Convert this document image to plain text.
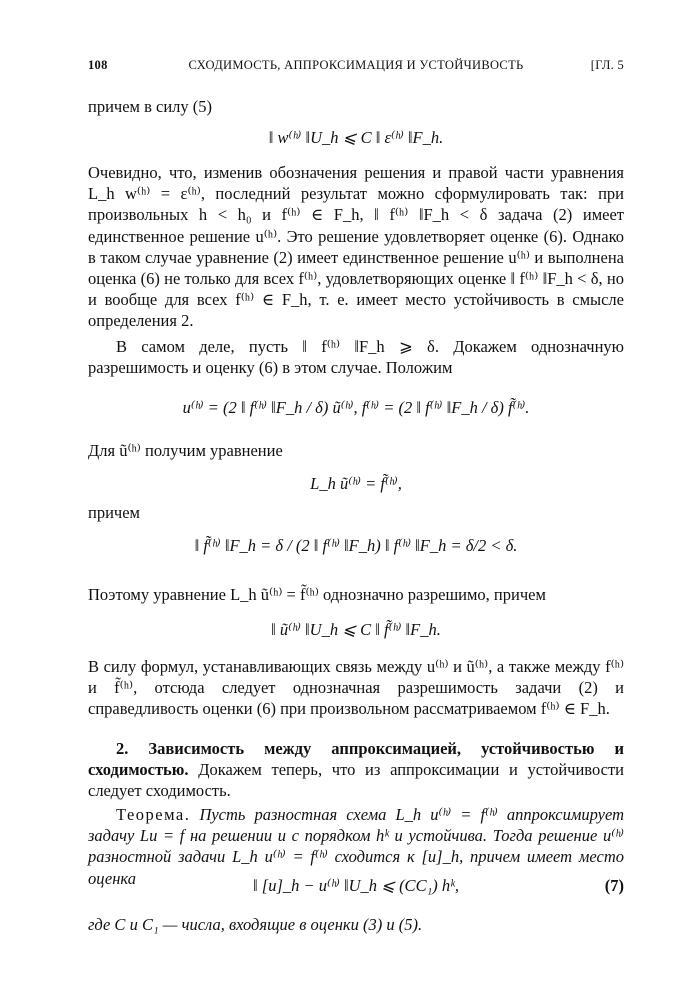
108	СХОДИМОСТЬ, АППРОКСИМАЦИЯ И УСТОЙЧИВОСТЬ	[ГЛ. 5

причем в силу (5)

‖ w⁽ʰ⁾ ‖U_h ⩽ C ‖ ε⁽ʰ⁾ ‖F_h.

Очевидно, что, изменив обозначения решения и правой части уравнения L_h w⁽ʰ⁾ = ε⁽ʰ⁾, последний результат можно сформулировать так: при произвольных h < h₀ и f⁽ʰ⁾ ∈ F_h, ‖ f⁽ʰ⁾ ‖F_h < δ задача (2) имеет единственное решение u⁽ʰ⁾. Это решение удовлетворяет оценке (6). Однако в таком случае уравнение (2) имеет единственное решение u⁽ʰ⁾ и выполнена оценка (6) не только для всех f⁽ʰ⁾, удовлетворяющих оценке ‖ f⁽ʰ⁾ ‖F_h < δ, но и вообще для всех f⁽ʰ⁾ ∈ F_h, т. е. имеет место устойчивость в смысле определения 2.

В самом деле, пусть ‖ f⁽ʰ⁾ ‖F_h ⩾ δ. Докажем однозначную разрешимость и оценку (6) в этом случае. Положим

u⁽ʰ⁾ = (2 ‖ f⁽ʰ⁾ ‖F_h / δ) ũ⁽ʰ⁾, f⁽ʰ⁾ = (2 ‖ f⁽ʰ⁾ ‖F_h / δ) f̃⁽ʰ⁾.

Для ũ⁽ʰ⁾ получим уравнение

L_h ũ⁽ʰ⁾ = f̃⁽ʰ⁾,

причем

‖ f̃⁽ʰ⁾ ‖F_h = δ / (2 ‖ f⁽ʰ⁾ ‖F_h) ‖ f⁽ʰ⁾ ‖F_h = δ/2 < δ.

Поэтому уравнение L_h ũ⁽ʰ⁾ = f̃⁽ʰ⁾ однозначно разрешимо, причем

‖ ũ⁽ʰ⁾ ‖U_h ⩽ C ‖ f̃⁽ʰ⁾ ‖F_h.

В силу формул, устанавливающих связь между u⁽ʰ⁾ и ũ⁽ʰ⁾, а также между f⁽ʰ⁾ и f̃⁽ʰ⁾, отсюда следует однозначная разрешимость задачи (2) и справедливость оценки (6) при произвольном рассматриваемом f⁽ʰ⁾ ∈ F_h.

2. Зависимость между аппроксимацией, устойчивостью и сходимостью. Докажем теперь, что из аппроксимации и устойчивости следует сходимость.

Теорема. Пусть разностная схема L_h u⁽ʰ⁾ = f⁽ʰ⁾ аппроксимирует задачу Lu = f на решении u с порядком hᵏ и устойчива. Тогда решение u⁽ʰ⁾ разностной задачи L_h u⁽ʰ⁾ = f⁽ʰ⁾ сходится к [u]_h, причем имеет место оценка	‖ [u]_h − u⁽ʰ⁾ ‖U_h ⩽ (CC₁) hᵏ,	(7)

где C и C₁ — числа, входящие в оценки (3) и (5).
